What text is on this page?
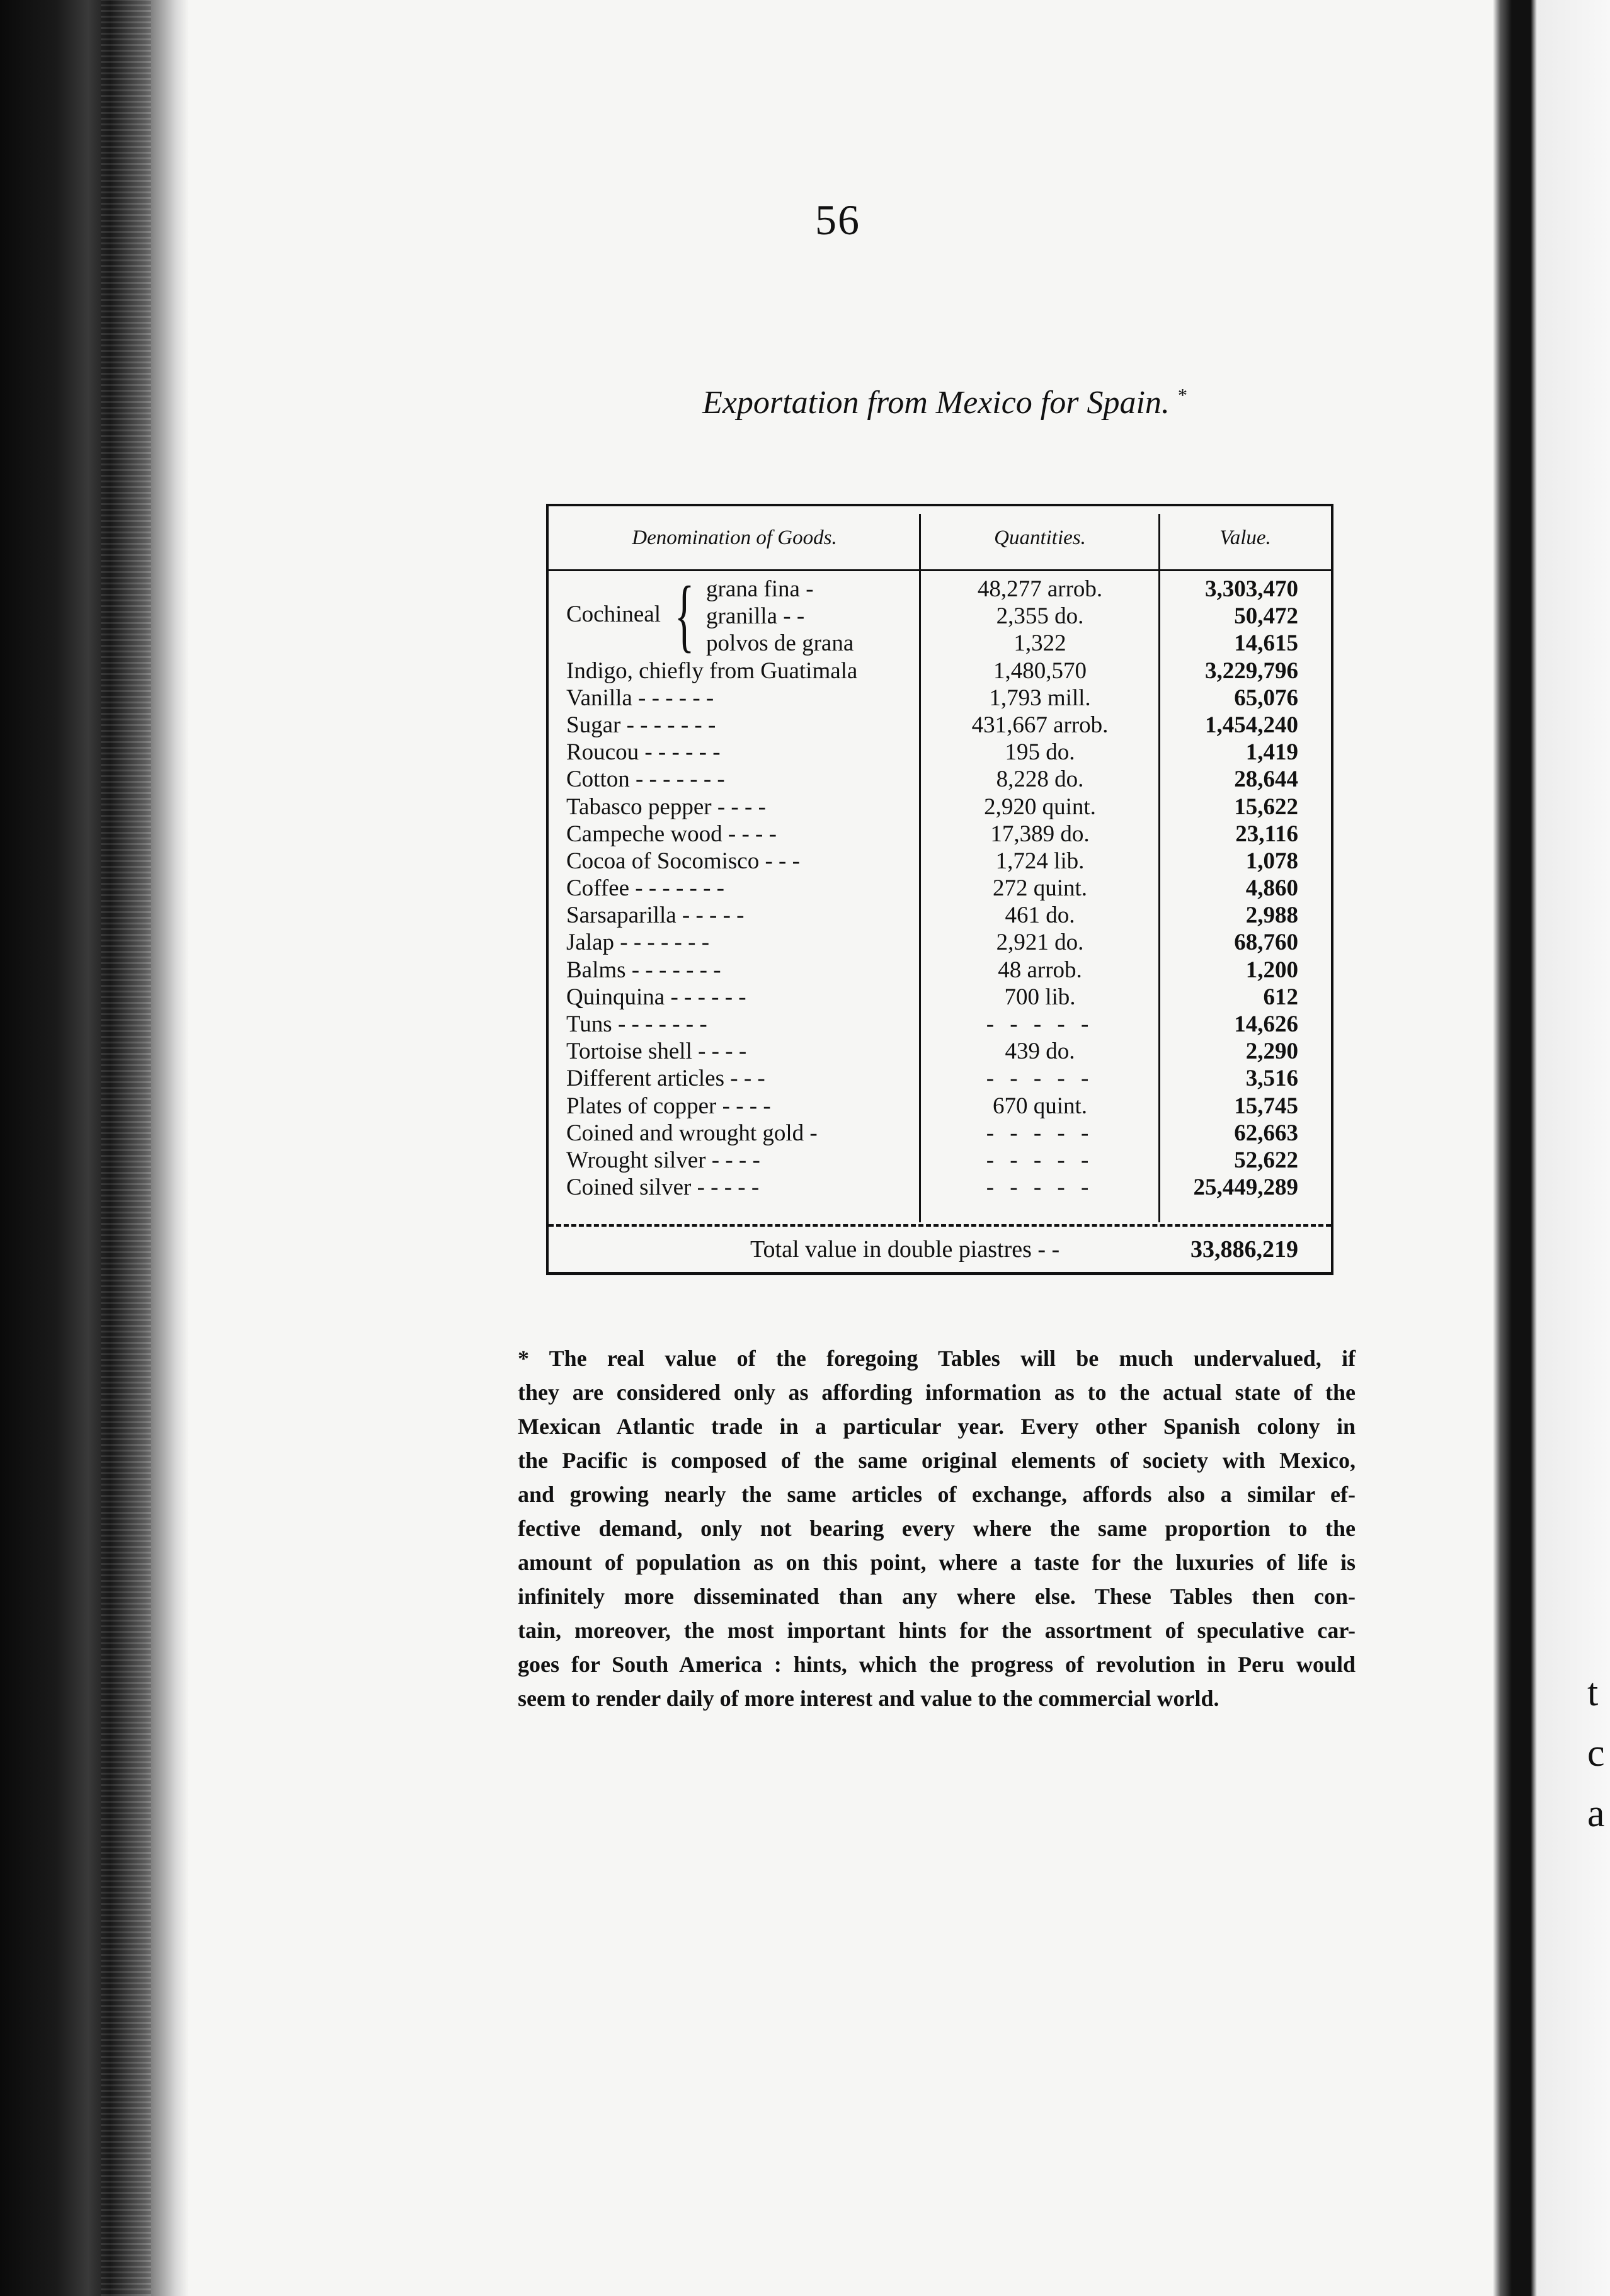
t
c
a
56
Exportation from Mexico for Spain. *
Denomination of Goods.	Quantities.	Value.
Cochineal { grana fina -	48,277 arrob.	3,303,470
granilla - -	2,355 do.	50,472
polvos de grana	1,322	14,615
Indigo, chiefly from Guatimala	1,480,570	3,229,796
Vanilla - - - - - -	1,793 mill.	65,076
Sugar - - - - - - -	431,667 arrob.	1,454,240
Roucou - - - - - -	195 do.	1,419
Cotton - - - - - - -	8,228 do.	28,644
Tabasco pepper - - - -	2,920 quint.	15,622
Campeche wood - - - -	17,389 do.	23,116
Cocoa of Socomisco - - -	1,724 lib.	1,078
Coffee - - - - - - -	272 quint.	4,860
Sarsaparilla - - - - -	461 do.	2,988
Jalap - - - - - - -	2,921 do.	68,760
Balms - - - - - - -	48 arrob.	1,200
Quinquina - - - - - -	700 lib.	612
Tuns - - - - - - -	- - - - -	14,626
Tortoise shell - - - -	439 do.	2,290
Different articles - - -	- - - - -	3,516
Plates of copper - - - -	670 quint.	15,745
Coined and wrought gold -	- - - - -	62,663
Wrought silver - - - -	- - - - -	52,622
Coined silver - - - - -	- - - - -	25,449,289
Total value in double piastres - -	33,886,219
* The real value of the foregoing Tables will be much undervalued, if
they are considered only as affording information as to the actual state of the
Mexican Atlantic trade in a particular year. Every other Spanish colony in
the Pacific is composed of the same original elements of society with Mexico,
and growing nearly the same articles of exchange, affords also a similar ef-
fective demand, only not bearing every where the same proportion to the
amount of population as on this point, where a taste for the luxuries of life is
infinitely more disseminated than any where else. These Tables then con-
tain, moreover, the most important hints for the assortment of speculative car-
goes for South America : hints, which the progress of revolution in Peru would
seem to render daily of more interest and value to the commercial world.
